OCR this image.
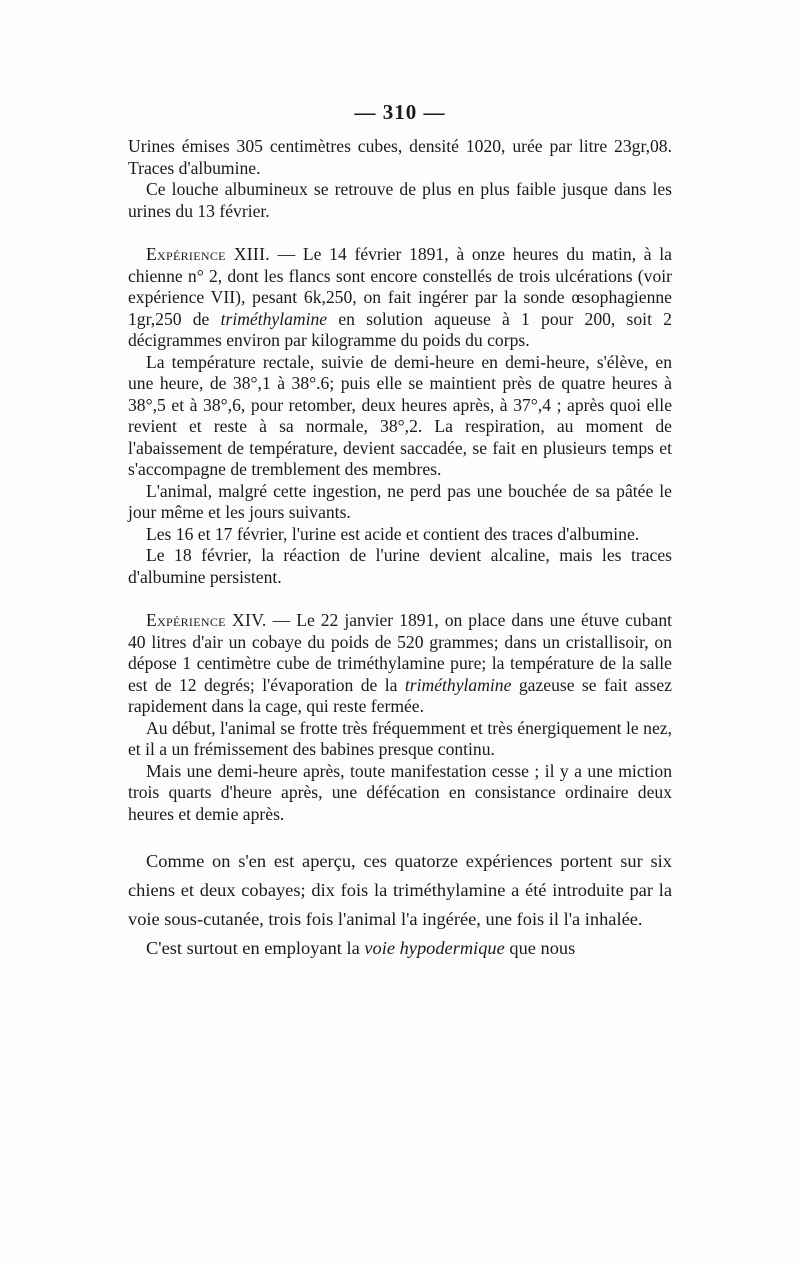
— 310 —

Urines émises 305 centimètres cubes, densité 1020, urée par litre 23gr,08. Traces d'albumine.

Ce louche albumineux se retrouve de plus en plus faible jusque dans les urines du 13 février.

Expérience XIII. — Le 14 février 1891, à onze heures du matin, à la chienne n° 2, dont les flancs sont encore constellés de trois ulcérations (voir expérience VII), pesant 6k,250, on fait ingérer par la sonde œsophagienne 1gr,250 de triméthylamine en solution aqueuse à 1 pour 200, soit 2 décigrammes environ par kilogramme du poids du corps.

La température rectale, suivie de demi-heure en demi-heure, s'élève, en une heure, de 38°,1 à 38°.6; puis elle se maintient près de quatre heures à 38°,5 et à 38°,6, pour retomber, deux heures après, à 37°,4 ; après quoi elle revient et reste à sa normale, 38°,2. La respiration, au moment de l'abaissement de température, devient saccadée, se fait en plusieurs temps et s'accompagne de tremblement des membres.

L'animal, malgré cette ingestion, ne perd pas une bouchée de sa pâtée le jour même et les jours suivants.

Les 16 et 17 février, l'urine est acide et contient des traces d'albumine.

Le 18 février, la réaction de l'urine devient alcaline, mais les traces d'albumine persistent.

Expérience XIV. — Le 22 janvier 1891, on place dans une étuve cubant 40 litres d'air un cobaye du poids de 520 grammes; dans un cristallisoir, on dépose 1 centimètre cube de triméthylamine pure; la température de la salle est de 12 degrés; l'évaporation de la triméthylamine gazeuse se fait assez rapidement dans la cage, qui reste fermée.

Au début, l'animal se frotte très fréquemment et très énergiquement le nez, et il a un frémissement des babines presque continu.

Mais une demi-heure après, toute manifestation cesse ; il y a une miction trois quarts d'heure après, une défécation en consistance ordinaire deux heures et demie après.

Comme on s'en est aperçu, ces quatorze expériences portent sur six chiens et deux cobayes; dix fois la triméthylamine a été introduite par la voie sous-cutanée, trois fois l'animal l'a ingérée, une fois il l'a inhalée.

C'est surtout en employant la voie hypodermique que nous
